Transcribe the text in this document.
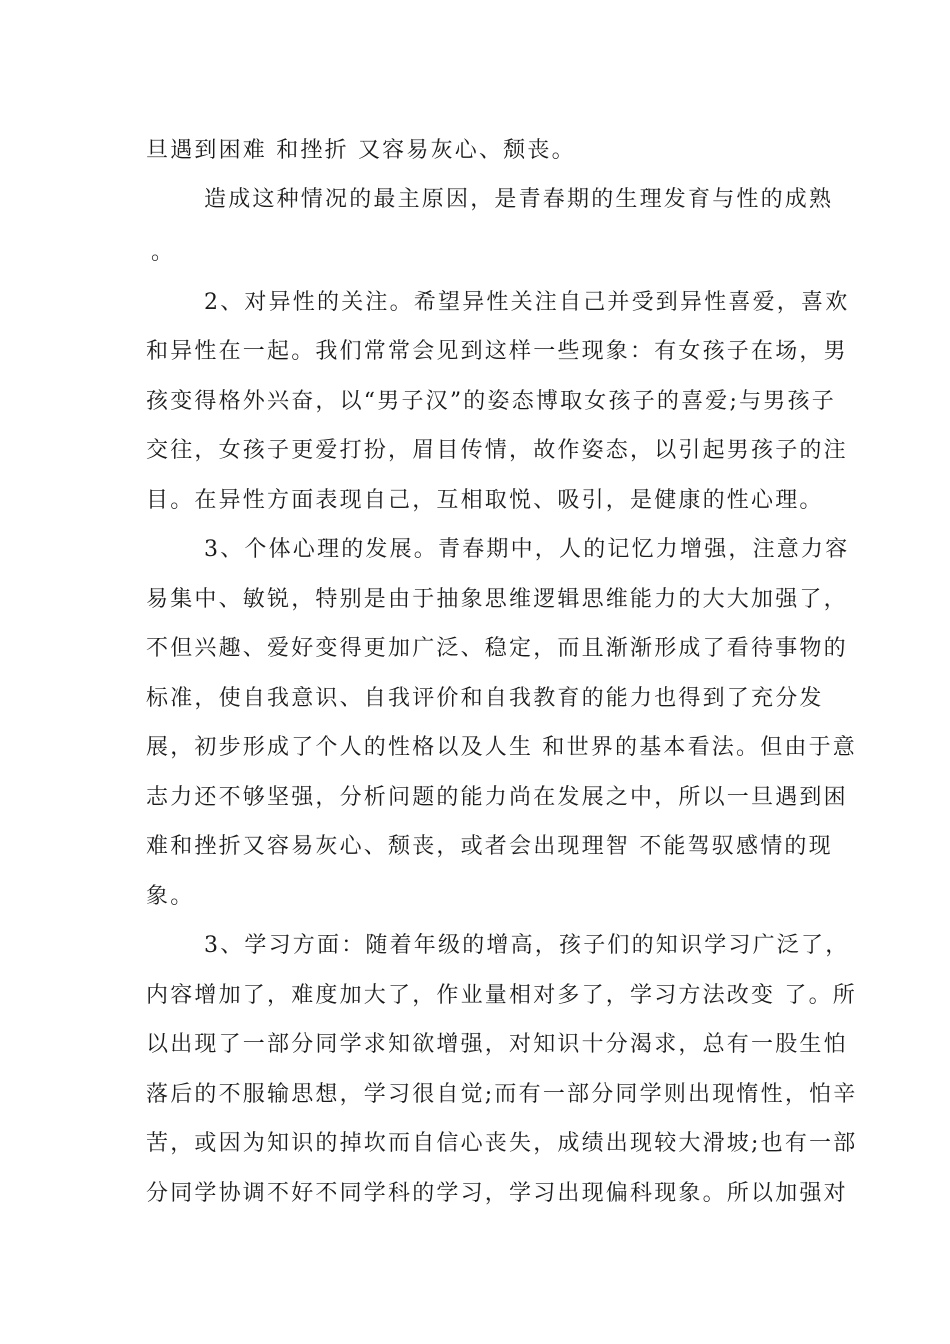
旦遇到困难 和挫折 又容易灰心、颓丧。
造成这种情况的最主原因，是青春期的生理发育与性的成熟
。
2、对异性的关注。希望异性关注自己并受到异性喜爱，喜欢
和异性在一起。我们常常会见到这样一些现象：有女孩子在场，男
孩变得格外兴奋，以“男子汉”的姿态博取女孩子的喜爱;与男孩子
交往，女孩子更爱打扮，眉目传情，故作姿态，以引起男孩子的注
目。在异性方面表现自己，互相取悦、吸引，是健康的性心理。
3、个体心理的发展。青春期中，人的记忆力增强，注意力容
易集中、敏锐，特别是由于抽象思维逻辑思维能力的大大加强了，
不但兴趣、爱好变得更加广泛、稳定，而且渐渐形成了看待事物的
标准，使自我意识、自我评价和自我教育的能力也得到了充分发
展，初步形成了个人的性格以及人生 和世界的基本看法。但由于意
志力还不够坚强，分析问题的能力尚在发展之中，所以一旦遇到困
难和挫折又容易灰心、颓丧，或者会出现理智 不能驾驭感情的现
象。
3、学习方面：随着年级的增高，孩子们的知识学习广泛了，
内容增加了，难度加大了，作业量相对多了，学习方法改变 了。所
以出现了一部分同学求知欲增强，对知识十分渴求，总有一股生怕
落后的不服输思想，学习很自觉;而有一部分同学则出现惰性，怕辛
苦，或因为知识的掉坎而自信心丧失，成绩出现较大滑坡;也有一部
分同学协调不好不同学科的学习，学习出现偏科现象。所以加强对
